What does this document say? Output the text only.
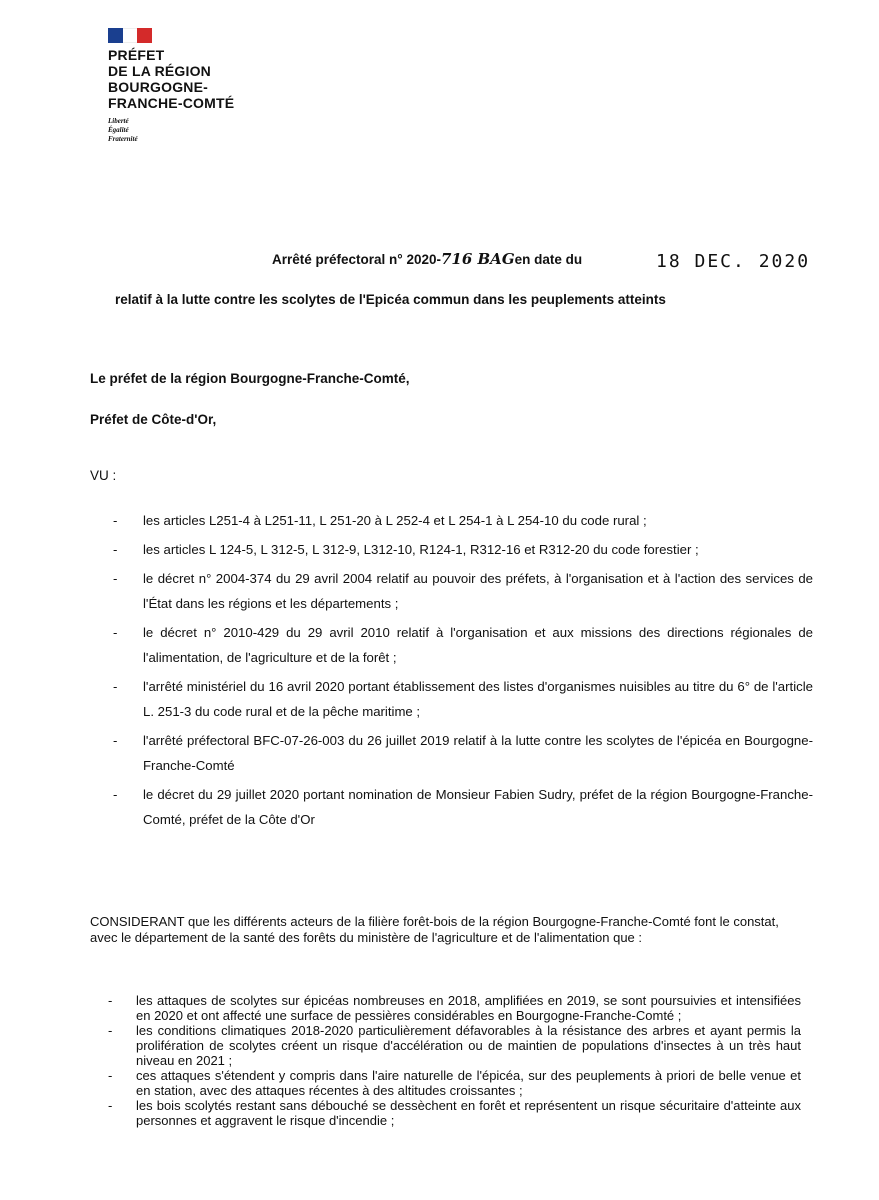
PRÉFET
DE LA RÉGION
BOURGOGNE-
FRANCHE-COMTÉ
Liberté
Égalité
Fraternité
Arrêté préfectoral n° 2020-716 BAGen date du	18 DEC. 2020
relatif à la lutte contre les scolytes de l'Epicéa commun dans les peuplements atteints
Le préfet de la région Bourgogne-Franche-Comté,
Préfet de Côte-d'Or,
VU :
- les articles L251-4 à L251-11, L 251-20 à L 252-4 et L 254-1 à L 254-10 du code rural ;
- les articles L 124-5, L 312-5, L 312-9, L312-10, R124-1, R312-16 et R312-20 du code forestier ;
- le décret n° 2004-374 du 29 avril 2004 relatif au pouvoir des préfets, à l'organisation et à l'action des services de l'État dans les régions et les départements ;
- le décret n° 2010-429 du 29 avril 2010 relatif à l'organisation et aux missions des directions régionales de l'alimentation, de l'agriculture et de la forêt ;
- l'arrêté ministériel du 16 avril 2020 portant établissement des listes d'organismes nuisibles au titre du 6° de l'article L. 251-3 du code rural et de la pêche maritime ;
- l'arrêté préfectoral BFC-07-26-003 du 26 juillet 2019 relatif à la lutte contre les scolytes de l'épicéa en Bourgogne-Franche-Comté
- le décret du 29 juillet 2020 portant nomination de Monsieur Fabien Sudry, préfet de la région Bourgogne-Franche-Comté, préfet de la Côte d'Or

CONSIDERANT que les différents acteurs de la filière forêt-bois de la région Bourgogne-Franche-Comté font le constat, avec le département de la santé des forêts du ministère de l'agriculture et de l'alimentation que :

- les attaques de scolytes sur épicéas nombreuses en 2018, amplifiées en 2019, se sont poursuivies et intensifiées en 2020 et ont affecté une surface de pessières considérables en Bourgogne-Franche-Comté ;
- les conditions climatiques 2018-2020 particulièrement défavorables à la résistance des arbres et ayant permis la prolifération de scolytes créent un risque d'accélération ou de maintien de populations d'insectes à un très haut niveau en 2021 ;
- ces attaques s'étendent y compris dans l'aire naturelle de l'épicéa, sur des peuplements à priori de belle venue et en station, avec des attaques récentes à des altitudes croissantes ;
- les bois scolytés restant sans débouché se dessèchent en forêt et représentent un risque sécuritaire d'atteinte aux personnes et aggravent le risque d'incendie ;
